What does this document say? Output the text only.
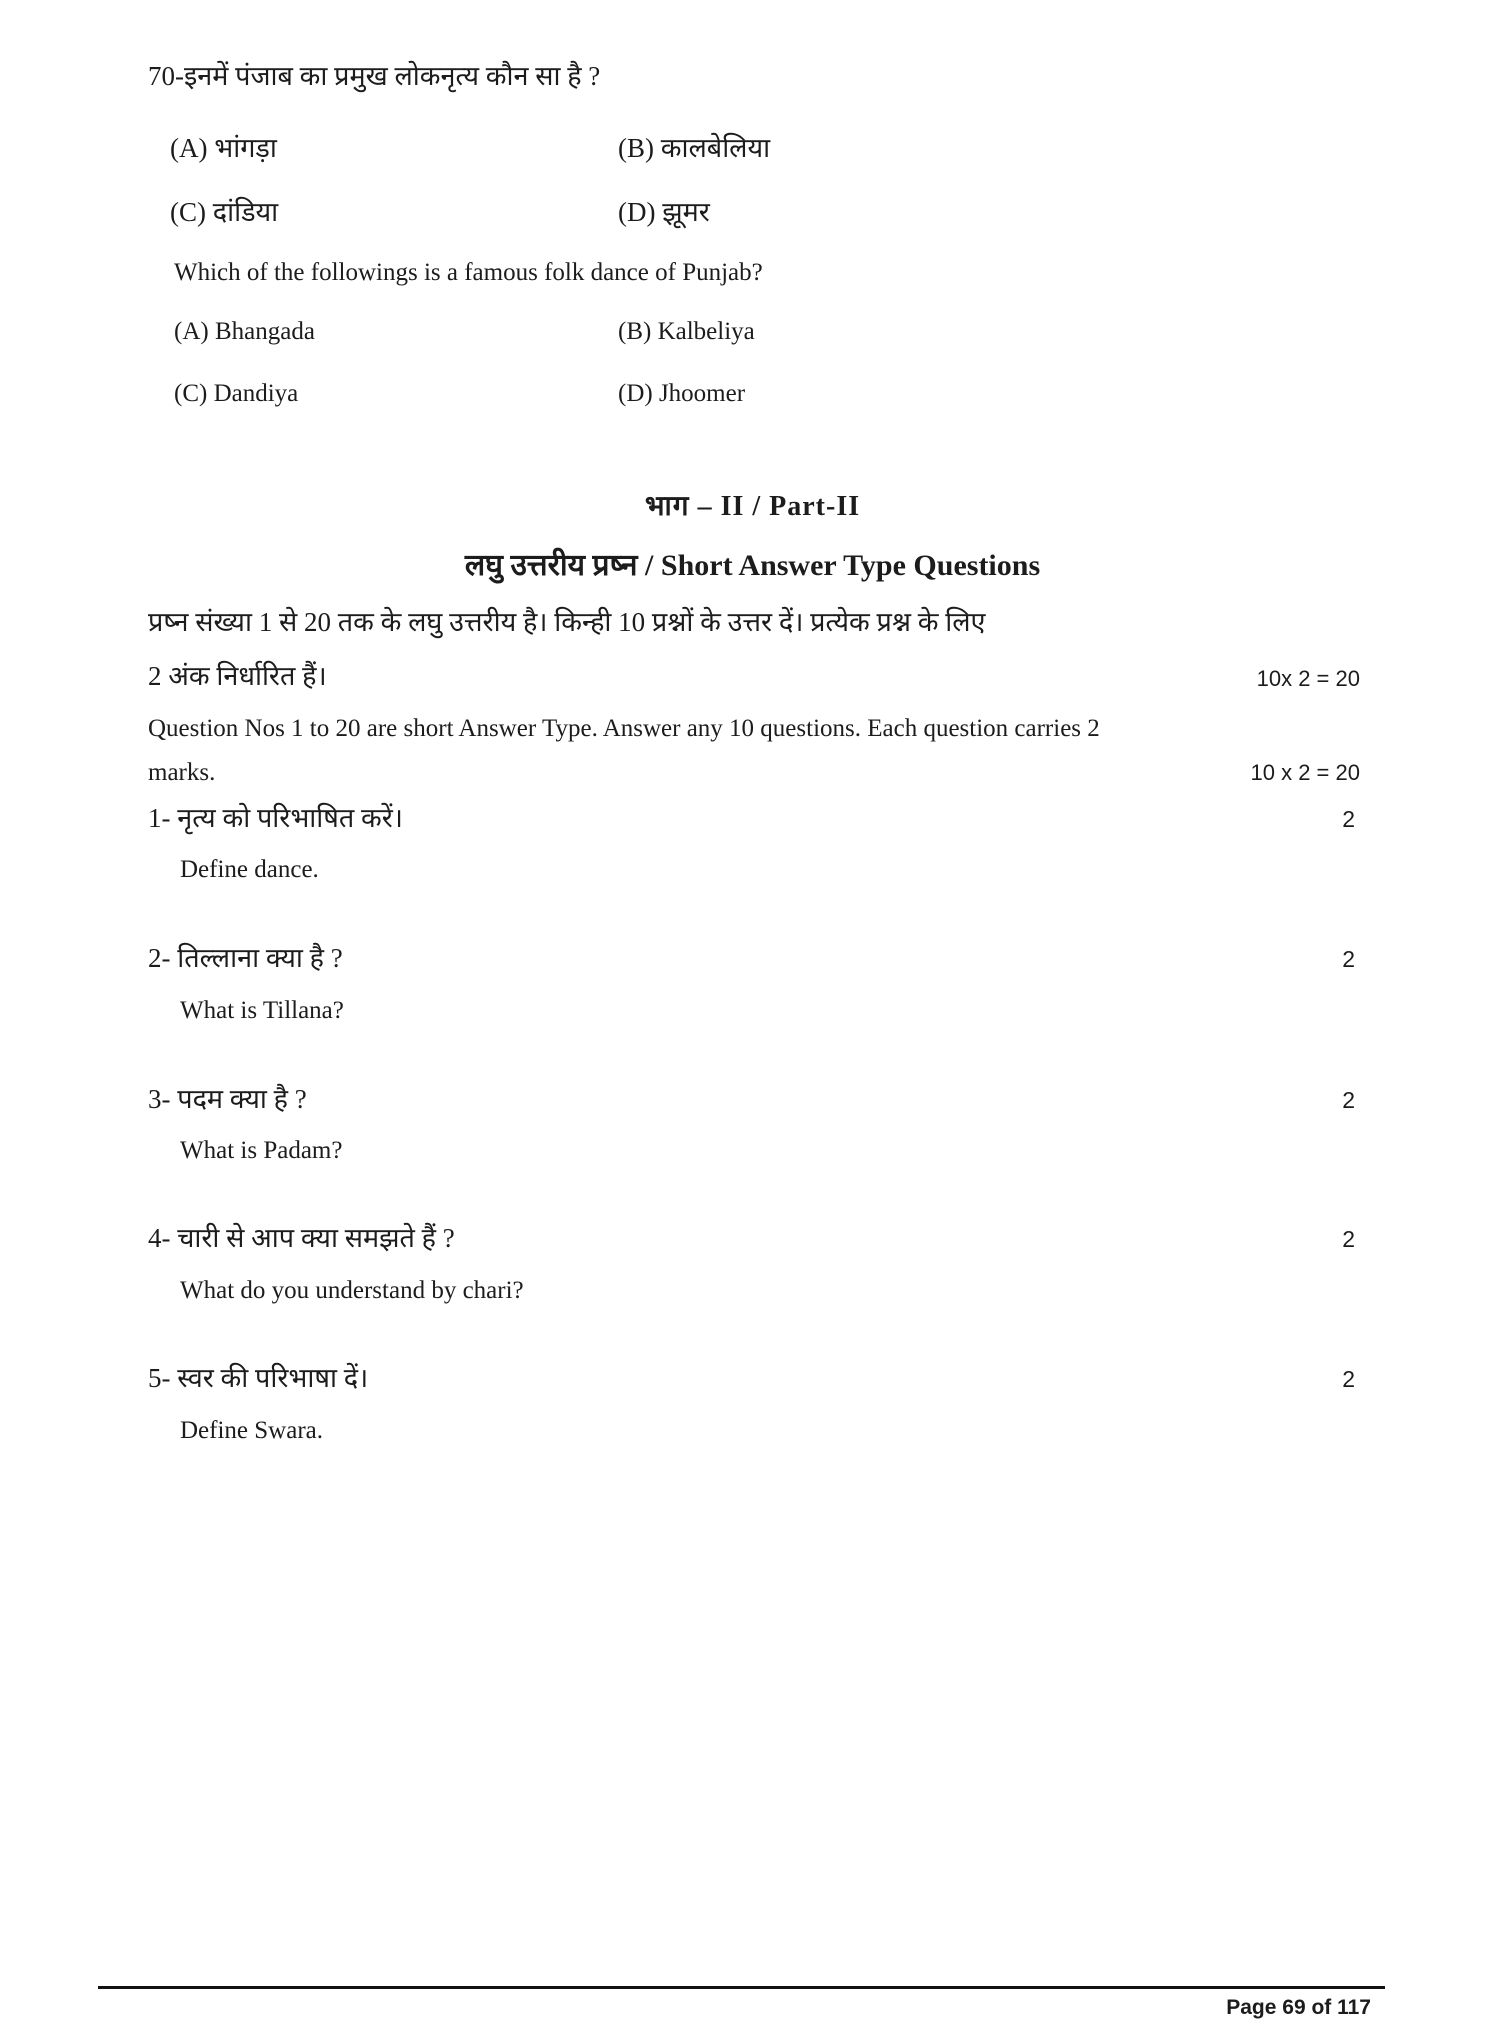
70-इनमें पंजाब का प्रमुख लोकनृत्य कौन सा है ?
(A) भांगड़ा	(B) कालबेलिया
(C) दांडिया	(D) झूमर
Which of the followings is a famous folk dance of Punjab?
(A) Bhangada	(B) Kalbeliya
(C) Dandiya	(D) Jhoomer
भाग – II / Part-II
लघु उत्तरीय प्रष्न / Short Answer Type Questions
प्रष्न संख्या 1 से 20 तक के लघु उत्तरीय है। किन्ही 10 प्रश्नों के उत्तर दें। प्रत्येक प्रश्न के लिए
2 अंक निर्धारित हैं।	10x 2 = 20
Question Nos 1 to 20 are short Answer Type. Answer any 10 questions. Each question carries 2
marks.	10 x 2 = 20
1- नृत्य को परिभाषित करें।	2
Define dance.
2- तिल्लाना क्या है ?	2
What is Tillana?
3- पदम क्या है ?	2
What is Padam?
4- चारी से आप क्या समझते हैं ?	2
What do you understand by chari?
5- स्वर की परिभाषा दें।	2
Define Swara.
Page 69 of 117
